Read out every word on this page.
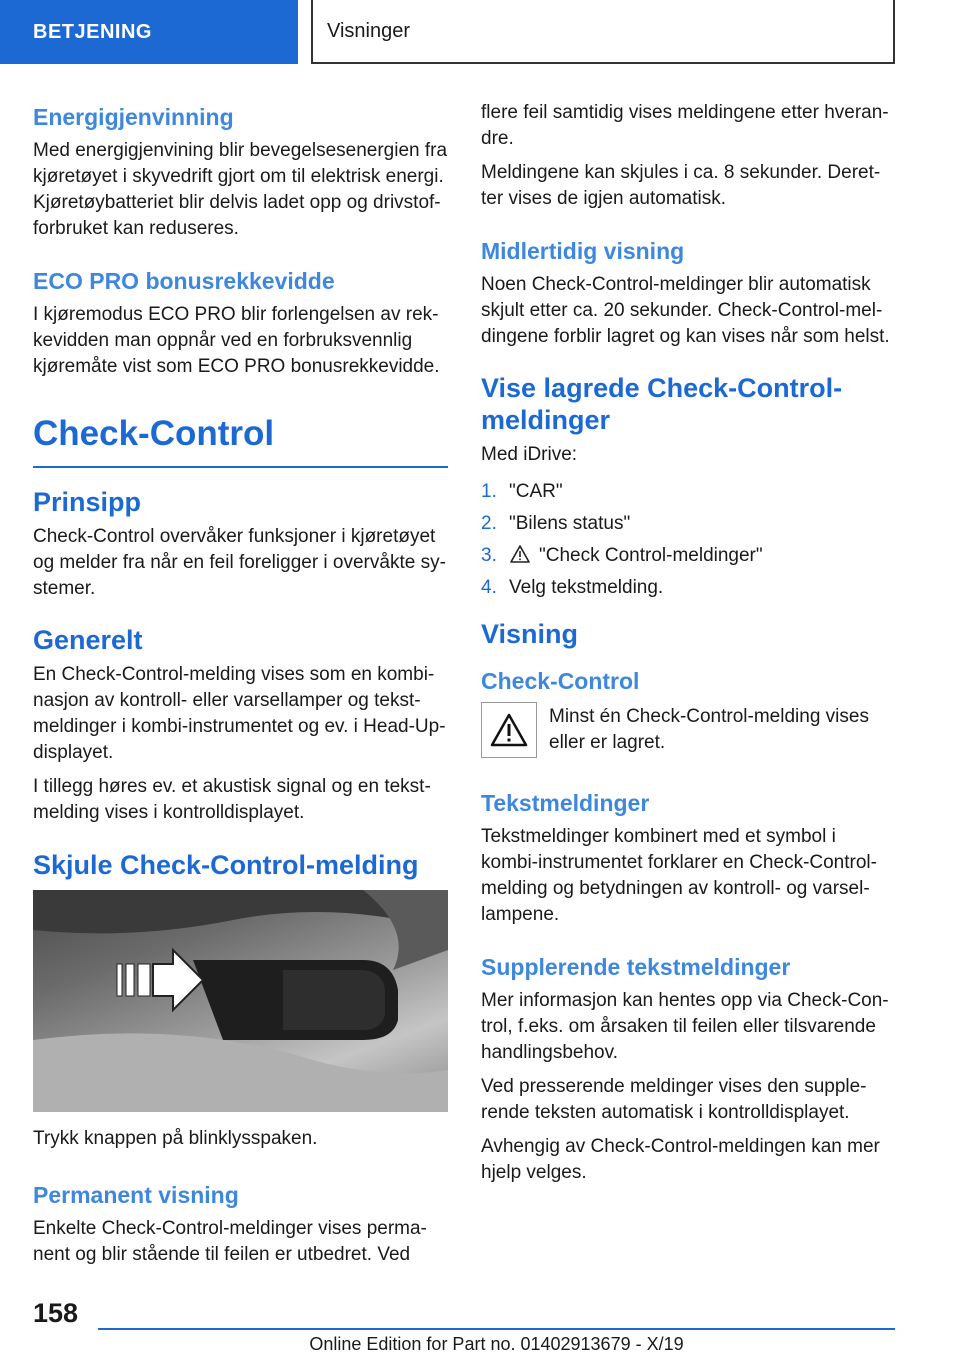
BETJENING	Visninger
Energigjenvinning

Med energigjenvining blir bevegelsesenergien fra kjøretøyet i skyvedrift gjort om til elektrisk energi. Kjøretøybatteriet blir delvis ladet opp og drivstof-forbruket kan reduseres.

ECO PRO bonusrekkevidde

I kjøremodus ECO PRO blir forlengelsen av rek-kevidden man oppnår ved en forbruksvennlig kjøremåte vist som ECO PRO bonusrekkevidde.

Check-Control
Prinsipp

Check-Control overvåker funksjoner i kjøretøyet og melder fra når en feil foreligger i overvåkte sy-stemer.

Generelt

En Check-Control-melding vises som en kombi-nasjon av kontroll- eller varsellamper og tekst-meldinger i kombi-instrumentet og ev. i Head-Up-displayet.

I tillegg høres ev. et akustisk signal og en tekst-melding vises i kontrolldisplayet.

Skjule Check-Control-melding

Trykk knappen på blinklysspaken.

Permanent visning

Enkelte Check-Control-meldinger vises perma-nent og blir stående til feilen er utbedret. Ved

flere feil samtidig vises meldingene etter hveran-dre.

Meldingene kan skjules i ca. 8 sekunder. Deret-ter vises de igjen automatisk.

Midlertidig visning

Noen Check-Control-meldinger blir automatisk skjult etter ca. 20 sekunder. Check-Control-mel-dingene forblir lagret og kan vises når som helst.

Vise lagrede Check-Control-meldinger

Med iDrive:

1. "CAR"
2. "Bilens status"
3.	"Check Control-meldinger"
4. Velg tekstmelding.
Visning
Check-Control

Minst én Check-Control-melding vises eller er lagret.

Tekstmeldinger

Tekstmeldinger kombinert med et symbol i kombi-instrumentet forklarer en Check-Control-melding og betydningen av kontroll- og varsel-lampene.

Supplerende tekstmeldinger

Mer informasjon kan hentes opp via Check-Con-trol, f.eks. om årsaken til feilen eller tilsvarende handlingsbehov.

Ved presserende meldinger vises den supple-rende teksten automatisk i kontrolldisplayet.

Avhengig av Check-Control-meldingen kan mer hjelp velges.

158
Online Edition for Part no. 01402913679 - X/19
